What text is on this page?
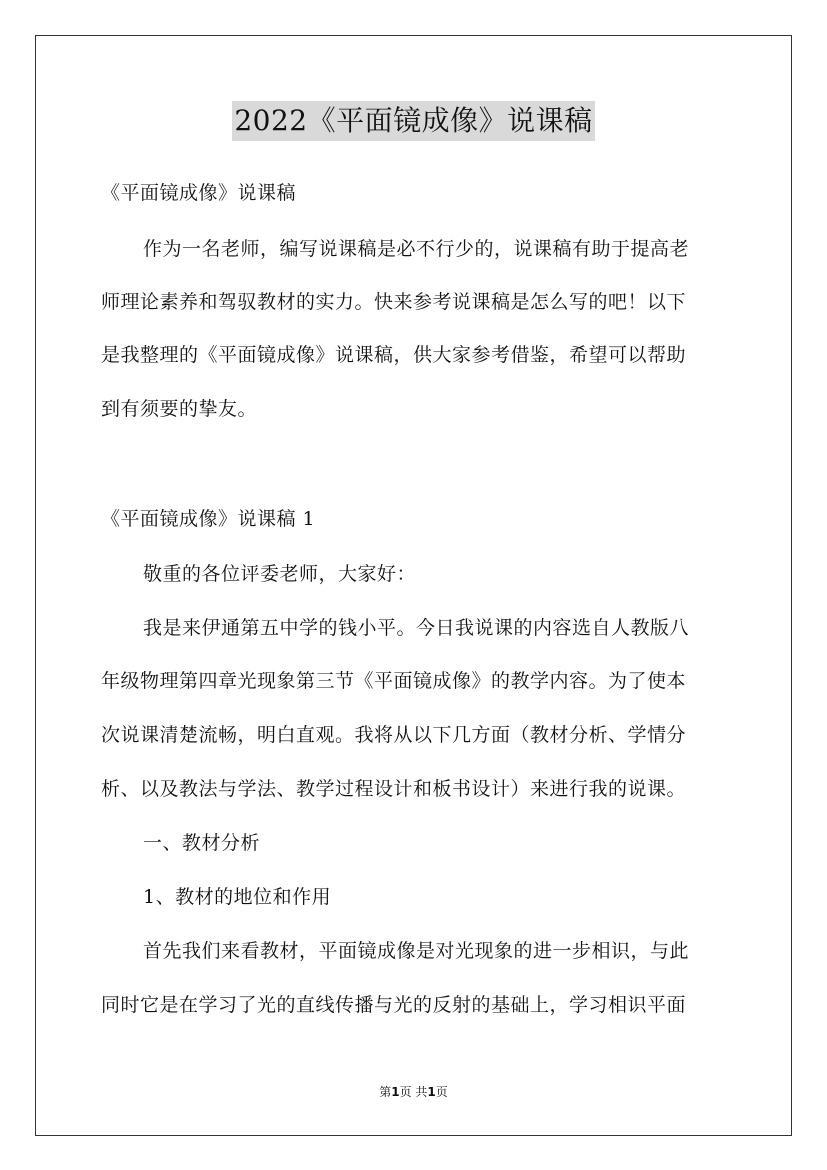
2022《平面镜成像》说课稿
《平面镜成像》说课稿
作为一名老师，编写说课稿是必不行少的，说课稿有助于提高老
师理论素养和驾驭教材的实力。快来参考说课稿是怎么写的吧！以下
是我整理的《平面镜成像》说课稿，供大家参考借鉴，希望可以帮助
到有须要的挚友。
《平面镜成像》说课稿 1
敬重的各位评委老师，大家好：
我是来伊通第五中学的钱小平。今日我说课的内容选自人教版八
年级物理第四章光现象第三节《平面镜成像》的教学内容。为了使本
次说课清楚流畅，明白直观。我将从以下几方面（教材分析、学情分
析、以及教法与学法、教学过程设计和板书设计）来进行我的说课。
一、教材分析
1、教材的地位和作用
首先我们来看教材，平面镜成像是对光现象的进一步相识，与此
同时它是在学习了光的直线传播与光的反射的基础上，学习相识平面
第1页 共1页
